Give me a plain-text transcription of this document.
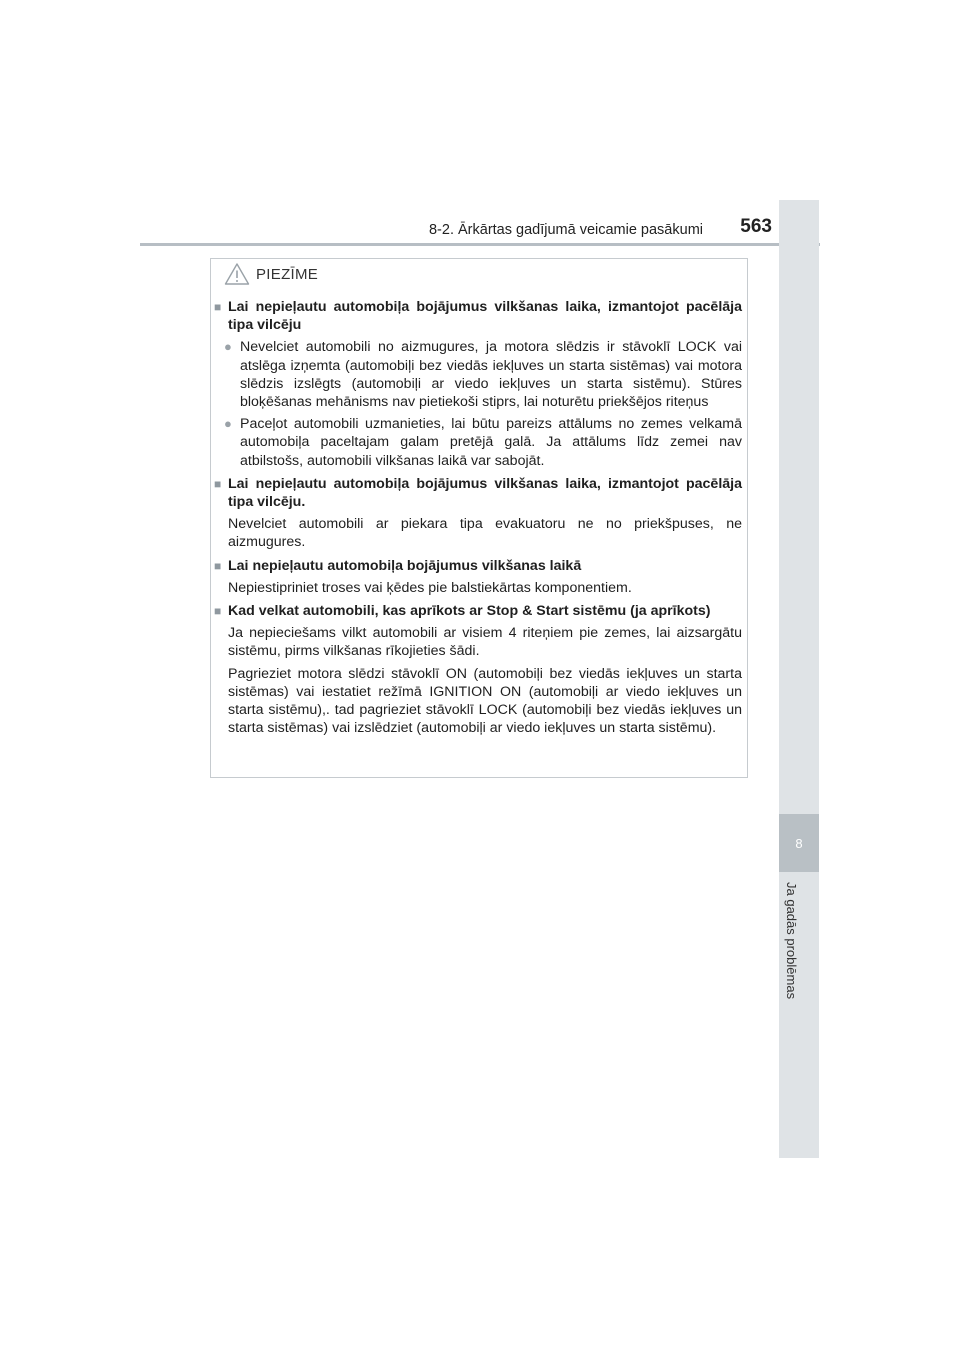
8-2. Ārkārtas gadījumā veicamie pasākumi	563
8
Ja gadās problēmas
PIEZĪME
■ Lai nepieļautu automobiļa bojājumus vilkšanas laika, izmantojot pacēlāja tipa vilcēju
● Nevelciet automobili no aizmugures, ja motora slēdzis ir stāvoklī LOCK vai atslēga izņemta (automobiļi bez viedās iekļuves un starta sistēmas) vai motora slēdzis izslēgts (automobiļi ar viedo iekļuves un starta sistēmu). Stūres bloķēšanas mehānisms nav pietiekoši stiprs, lai noturētu priekšējos riteņus
● Paceļot automobili uzmanieties, lai būtu pareizs attālums no zemes velkamā automobiļa paceltajam galam pretējā galā. Ja attālums līdz zemei nav atbilstošs, automobili vilkšanas laikā var sabojāt.
■ Lai nepieļautu automobiļa bojājumus vilkšanas laika, izmantojot pacēlāja tipa vilcēju.
Nevelciet automobili ar piekara tipa evakuatoru ne no priekšpuses, ne aizmugures.
■ Lai nepieļautu automobiļa bojājumus vilkšanas laikā
Nepiestipriniet troses vai ķēdes pie balstiekārtas komponentiem.
■ Kad velkat automobili, kas aprīkots ar Stop & Start sistēmu (ja aprīkots)
Ja nepieciešams vilkt automobili ar visiem 4 riteņiem pie zemes, lai aizsargātu sistēmu, pirms vilkšanas rīkojieties šādi.
Pagrieziet motora slēdzi stāvoklī ON (automobiļi bez viedās iekļuves un starta sistēmas) vai iestatiet režīmā IGNITION ON (automobiļi ar viedo iekļuves un starta sistēmu),. tad pagrieziet stāvoklī LOCK (automobiļi bez viedās iekļuves un starta sistēmas) vai izslēdziet (automobiļi ar viedo iekļuves un starta sistēmu).
